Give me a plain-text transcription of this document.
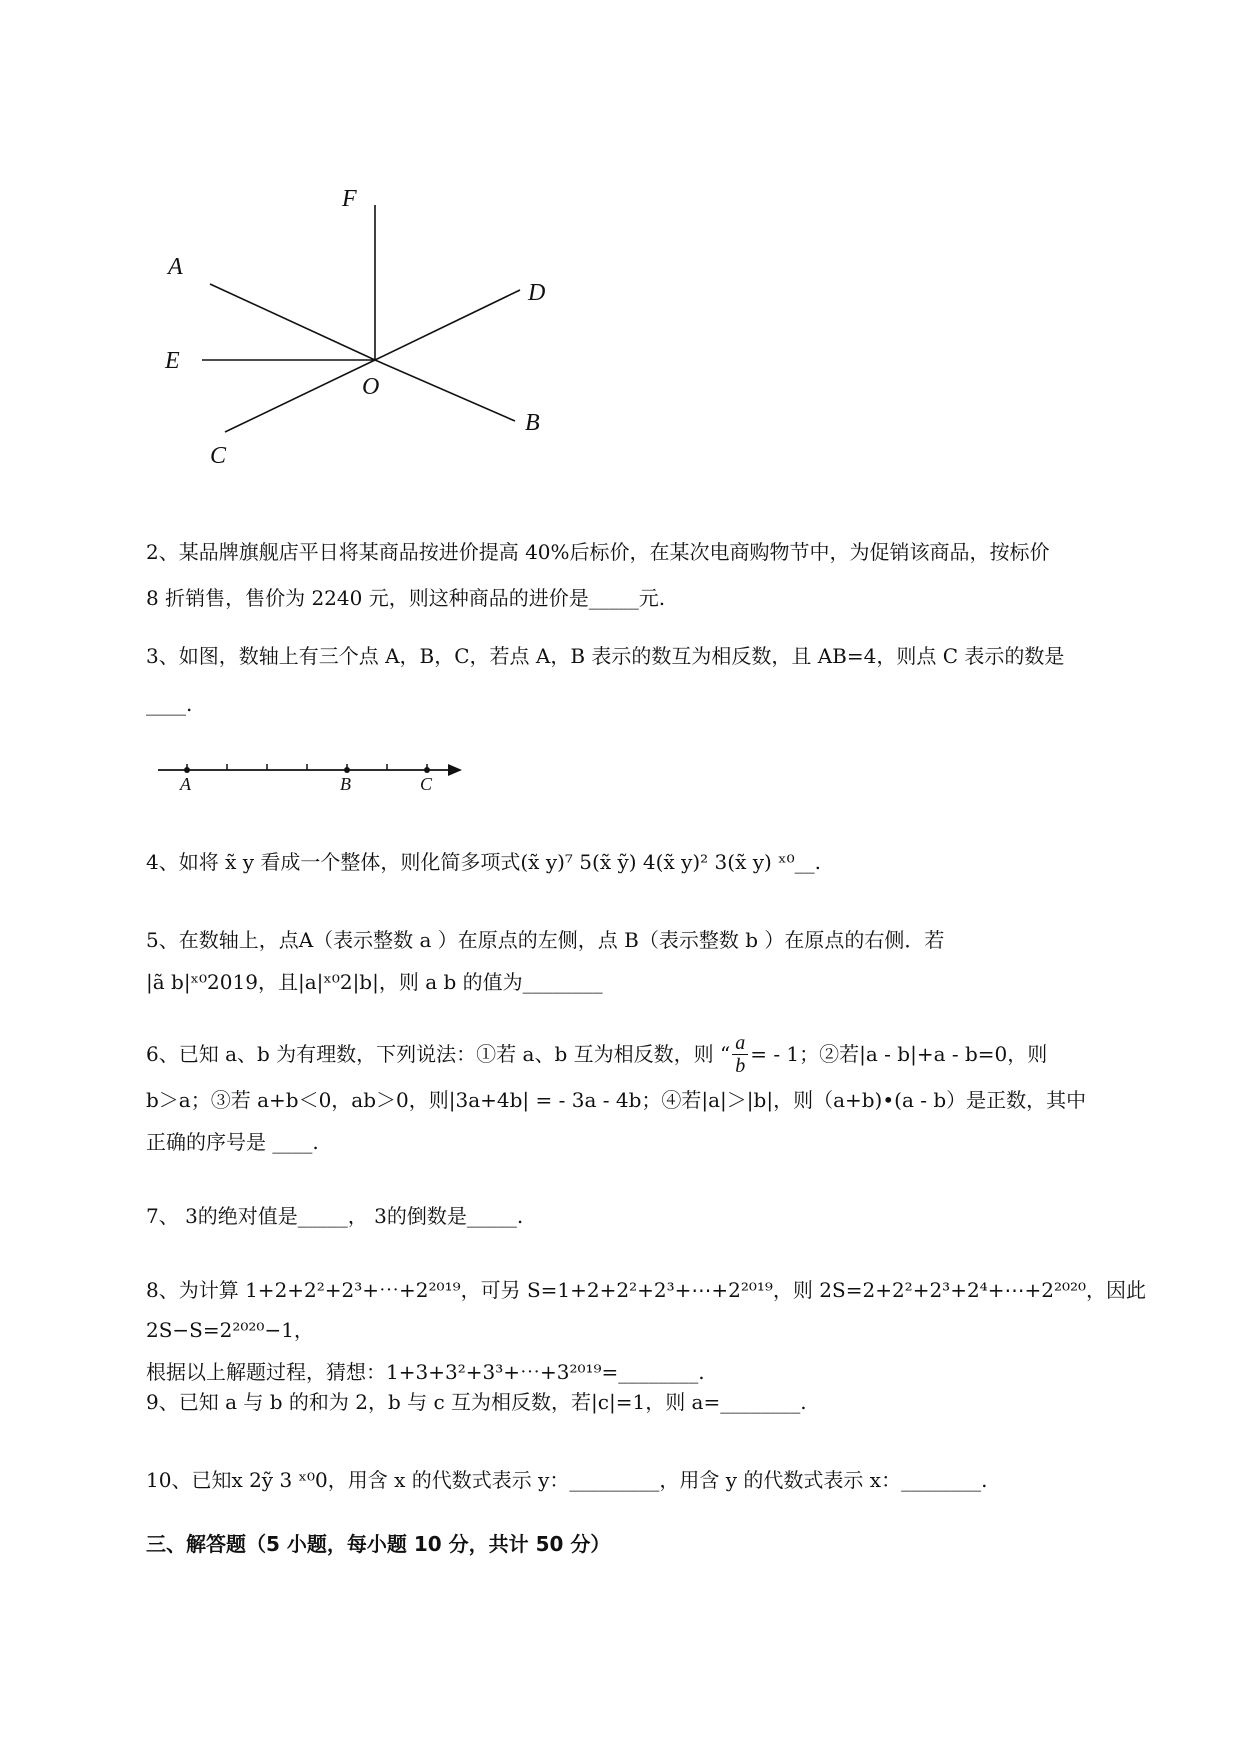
F
A
D
E
O
B
C
2、某品牌旗舰店平日将某商品按进价提高 40%后标价，在某次电商购物节中，为促销该商品，按标价
8 折销售，售价为 2240 元，则这种商品的进价是_____元.
3、如图，数轴上有三个点 A，B，C，若点 A，B 表示的数互为相反数，且 AB=4，则点 C 表示的数是
____.
A	B	C
4、如将 x̃ y 看成一个整体，则化简多项式(x̃ y)⁷ 5(x̃ ỹ) 4(x̃ y)² 3(x̃ y) ˣ⁰__.
5、在数轴上，点A（表示整数 a ）在原点的左侧，点 B（表示整数 b ）在原点的右侧．若
|ã b|ˣ⁰2019，且|a|ˣ⁰2|b|，则 a b 的值为________
6、已知 a、b 为有理数，下列说法：①若 a、b 互为相反数，则 “ $\frac{a}{b}$ = - 1；②若|a - b|+a - b=0，则
b＞a；③若 a+b＜0，ab＞0，则|3a+4b| = - 3a - 4b；④若|a|＞|b|，则（a+b)•(a - b）是正数，其中
正确的序号是 ____.
7、 3的绝对值是_____， 3的倒数是_____.
8、为计算 1+2+2²+2³+⋯+2²⁰¹⁹，可另 S=1+2+2²+2³+⋯+2²⁰¹⁹，则 2S=2+2²+2³+2⁴+⋯+2²⁰²⁰，因此 2S−S=2²⁰²⁰−1，
根据以上解题过程，猜想：1+3+3²+3³+⋯+3²⁰¹⁹=________.
9、已知 a 与 b 的和为 2，b 与 c 互为相反数，若|c|=1，则 a=________.
10、已知x 2ỹ 3 ˣ⁰0，用含 x 的代数式表示 y：_________，用含 y 的代数式表示 x：________.
三、解答题（5 小题，每小题 10 分，共计 50 分）
